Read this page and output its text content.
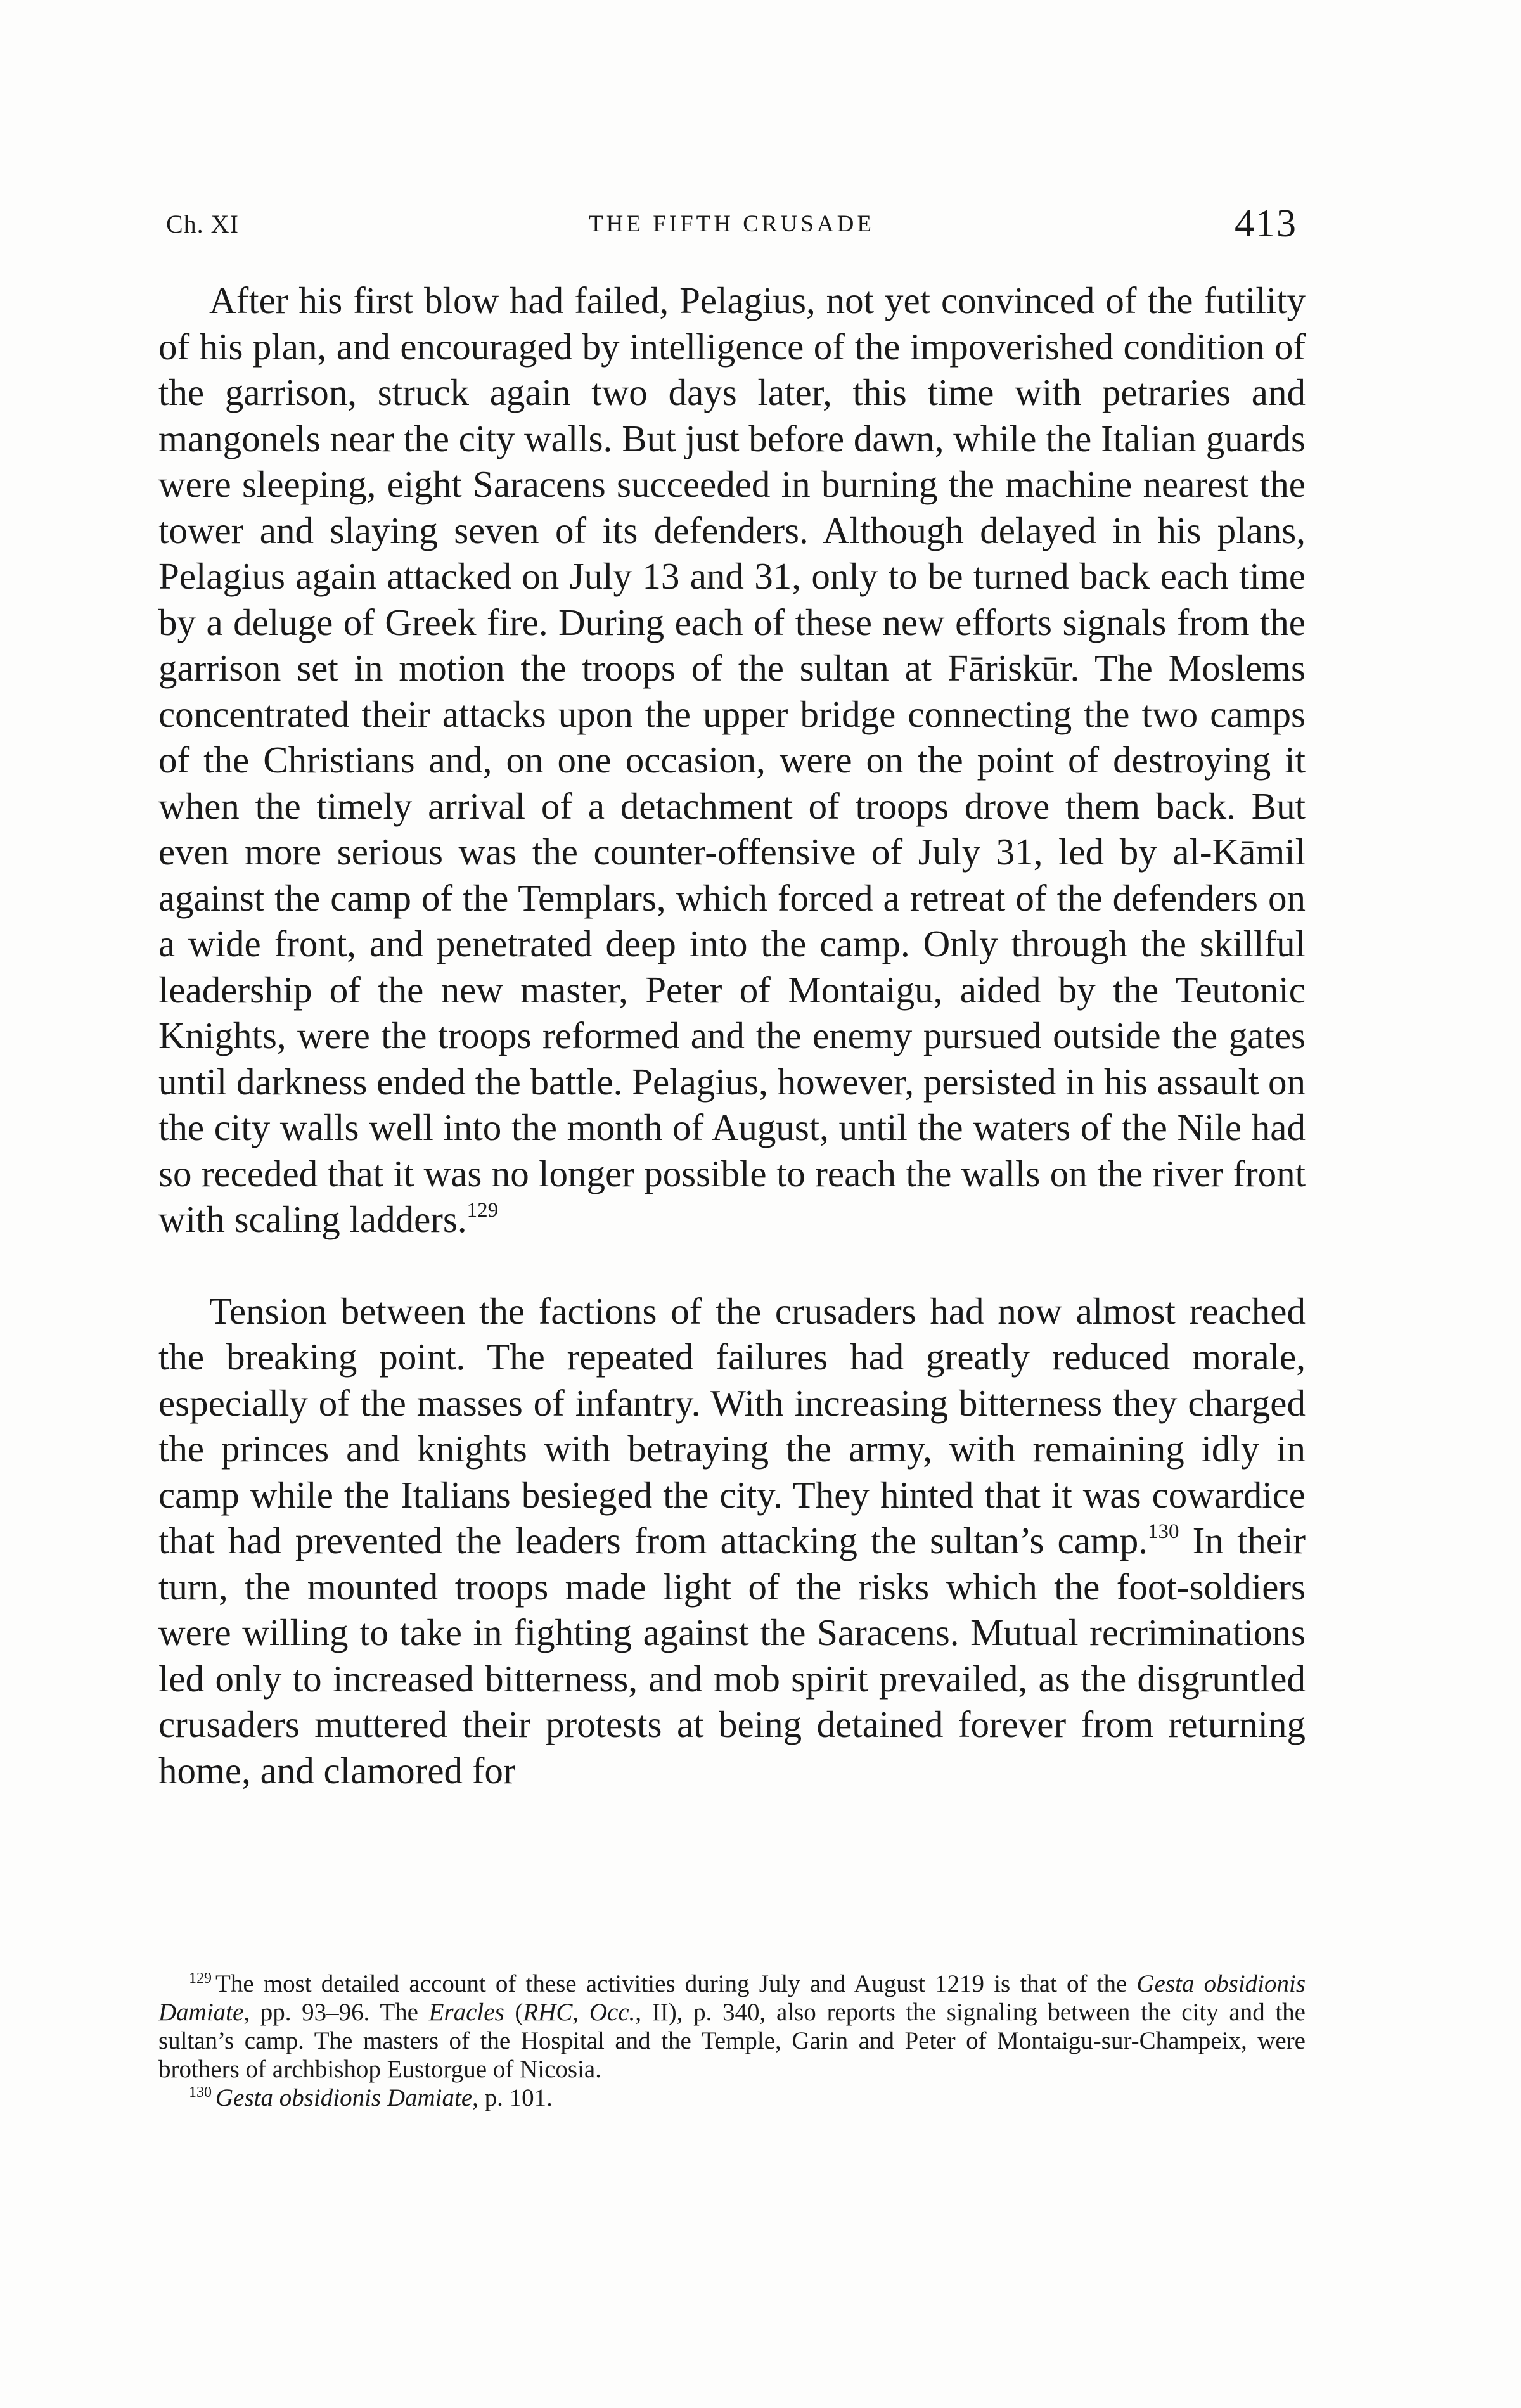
Ch. XI	THE FIFTH CRUSADE	413

After his first blow had failed, Pelagius, not yet convinced of the futility of his plan, and encouraged by intelligence of the impoverished condition of the garrison, struck again two days later, this time with petraries and mangonels near the city walls. But just before dawn, while the Italian guards were sleeping, eight Saracens succeeded in burning the machine nearest the tower and slaying seven of its defenders. Although delayed in his plans, Pelagius again attacked on July 13 and 31, only to be turned back each time by a deluge of Greek fire. During each of these new efforts signals from the garrison set in motion the troops of the sultan at Fāriskūr. The Moslems concentrated their attacks upon the upper bridge connecting the two camps of the Christians and, on one occasion, were on the point of destroying it when the timely arrival of a detachment of troops drove them back. But even more serious was the counter-offensive of July 31, led by al-Kāmil against the camp of the Templars, which forced a retreat of the defenders on a wide front, and penetrated deep into the camp. Only through the skillful leadership of the new master, Peter of Montaigu, aided by the Teutonic Knights, were the troops reformed and the enemy pursued outside the gates until darkness ended the battle. Pelagius, however, persisted in his assault on the city walls well into the month of August, until the waters of the Nile had so receded that it was no longer possible to reach the walls on the river front with scaling ladders.$^{129}$

Tension between the factions of the crusaders had now almost reached the breaking point. The repeated failures had greatly reduced morale, especially of the masses of infantry. With increasing bitterness they charged the princes and knights with betraying the army, with remaining idly in camp while the Italians besieged the city. They hinted that it was cowardice that had prevented the leaders from attacking the sultan’s camp.$^{130}$ In their turn, the mounted troops made light of the risks which the foot-soldiers were willing to take in fighting against the Saracens. Mutual recriminations led only to increased bitterness, and mob spirit prevailed, as the disgruntled crusaders muttered their protests at being detained forever from returning home, and clamored for

$^{129}$ The most detailed account of these activities during July and August 1219 is that of the Gesta obsidionis Damiate, pp. 93–96. The Eracles (RHC, Occ., II), p. 340, also reports the signaling between the city and the sultan’s camp. The masters of the Hospital and the Temple, Garin and Peter of Montaigu-sur-Champeix, were brothers of archbishop Eustorgue of Nicosia.

$^{130}$ Gesta obsidionis Damiate, p. 101.
